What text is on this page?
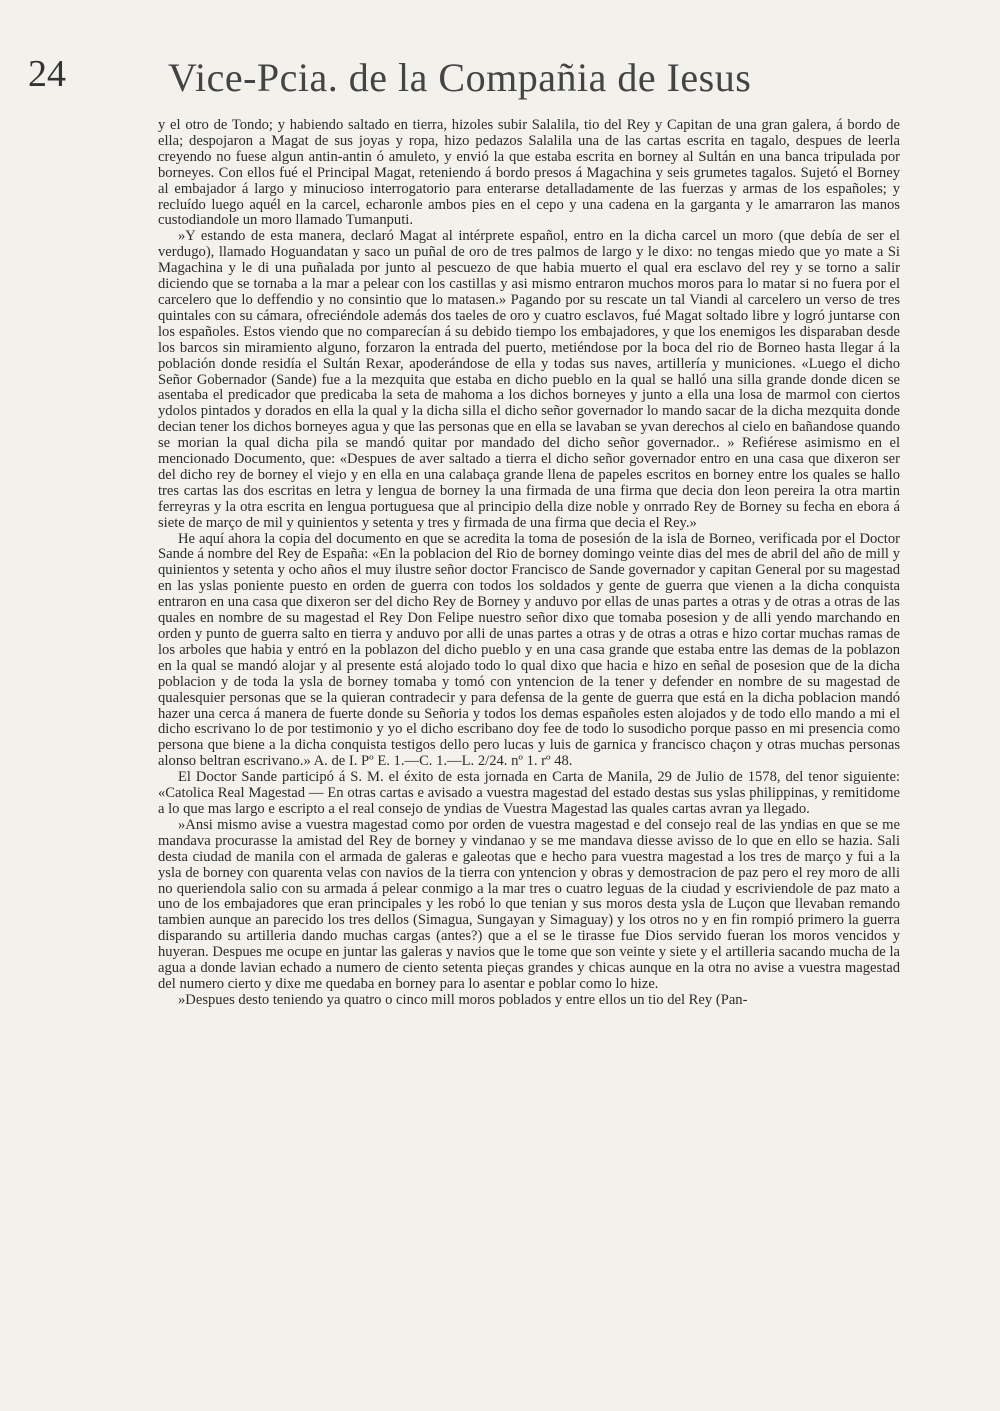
24	Vice-Pcia. de la Compañia de Iesus

y el otro de Tondo; y habiendo saltado en tierra, hizoles subir Salalila, tio del Rey y Capitan de una gran galera, á bordo de ella; despojaron a Magat de sus joyas y ropa, hizo pedazos Salalila una de las cartas escrita en tagalo, despues de leerla creyendo no fuese algun antin-antin ó amuleto, y envió la que estaba escrita en borney al Sultán en una banca tripulada por borneyes. Con ellos fué el Principal Magat, reteniendo á bordo presos á Magachina y seis grumetes tagalos. Sujetó el Borney al embajador á largo y minucioso interrogatorio para enterarse detalladamente de las fuerzas y armas de los españoles; y recluído luego aquél en la carcel, echaronle ambos pies en el cepo y una cadena en la garganta y le amarraron las manos custodiandole un moro llamado Tumanputi.

»Y estando de esta manera, declaró Magat al intérprete español, entro en la dicha carcel un moro (que debía de ser el verdugo), llamado Hoguandatan y saco un puñal de oro de tres palmos de largo y le dixo: no tengas miedo que yo mate a Si Magachina y le di una puñalada por junto al pescuezo de que habia muerto el qual era esclavo del rey y se torno a salir diciendo que se tornaba a la mar a pelear con los castillas y asi mismo entraron muchos moros para lo matar si no fuera por el carcelero que lo deffendio y no consintio que lo matasen.» Pagando por su rescate un tal Viandi al carcelero un verso de tres quintales con su cámara, ofreciéndole además dos taeles de oro y cuatro esclavos, fué Magat soltado libre y logró juntarse con los españoles. Estos viendo que no comparecían á su debido tiempo los embajadores, y que los enemigos les disparaban desde los barcos sin miramiento alguno, forzaron la entrada del puerto, metiéndose por la boca del rio de Borneo hasta llegar á la población donde residía el Sultán Rexar, apoderándose de ella y todas sus naves, artillería y municiones. «Luego el dicho Señor Gobernador (Sande) fue a la mezquita que estaba en dicho pueblo en la qual se halló una silla grande donde dicen se asentaba el predicador que predicaba la seta de mahoma a los dichos borneyes y junto a ella una losa de marmol con ciertos ydolos pintados y dorados en ella la qual y la dicha silla el dicho señor governador lo mando sacar de la dicha mezquita donde decian tener los dichos borneyes agua y que las personas que en ella se lavaban se yvan derechos al cielo en bañandose quando se morian la qual dicha pila se mandó quitar por mandado del dicho señor governador.. » Refiérese asimismo en el mencionado Documento, que: «Despues de aver saltado a tierra el dicho señor governador entro en una casa que dixeron ser del dicho rey de borney el viejo y en ella en una calabaça grande llena de papeles escritos en borney entre los quales se hallo tres cartas las dos escritas en letra y lengua de borney la una firmada de una firma que decia don leon pereira la otra martin ferreyras y la otra escrita en lengua portuguesa que al principio della dize noble y onrrado Rey de Borney su fecha en ebora á siete de março de mil y quinientos y setenta y tres y firmada de una firma que decia el Rey.»

He aquí ahora la copia del documento en que se acredita la toma de posesión de la isla de Borneo, verificada por el Doctor Sande á nombre del Rey de España: «En la poblacion del Rio de borney domingo veinte dias del mes de abril del año de mill y quinientos y setenta y ocho años el muy ilustre señor doctor Francisco de Sande governador y capitan General por su magestad en las yslas poniente puesto en orden de guerra con todos los soldados y gente de guerra que vienen a la dicha conquista entraron en una casa que dixeron ser del dicho Rey de Borney y anduvo por ellas de unas partes a otras y de otras a otras de las quales en nombre de su magestad el Rey Don Felipe nuestro señor dixo que tomaba posesion y de alli yendo marchando en orden y punto de guerra salto en tierra y anduvo por alli de unas partes a otras y de otras a otras e hizo cortar muchas ramas de los arboles que habia y entró en la poblazon del dicho pueblo y en una casa grande que estaba entre las demas de la poblazon en la qual se mandó alojar y al presente está alojado todo lo qual dixo que hacia e hizo en señal de posesion que de la dicha poblacion y de toda la ysla de borney tomaba y tomó con yntencion de la tener y defender en nombre de su magestad de qualesquier personas que se la quieran contradecir y para defensa de la gente de guerra que está en la dicha poblacion mandó hazer una cerca á manera de fuerte donde su Señoria y todos los demas españoles esten alojados y de todo ello mando a mi el dicho escrivano lo de por testimonio y yo el dicho escribano doy fee de todo lo susodicho porque passo en mi presencia como persona que biene a la dicha conquista testigos dello pero lucas y luis de garnica y francisco chaçon y otras muchas personas alonso beltran escrivano.» A. de I. Pº E. 1.—C. 1.—L. 2/24. nº 1. rº 48.

El Doctor Sande participó á S. M. el éxito de esta jornada en Carta de Manila, 29 de Julio de 1578, del tenor siguiente: «Catolica Real Magestad — En otras cartas e avisado a vuestra magestad del estado destas sus yslas philippinas, y remitidome a lo que mas largo e escripto a el real consejo de yndias de Vuestra Magestad las quales cartas avran ya llegado.

»Ansi mismo avise a vuestra magestad como por orden de vuestra magestad e del consejo real de las yndias en que se me mandava procurasse la amistad del Rey de borney y vindanao y se me mandava diesse avisso de lo que en ello se hazia. Sali desta ciudad de manila con el armada de galeras e galeotas que e hecho para vuestra magestad a los tres de março y fui a la ysla de borney con quarenta velas con navios de la tierra con yntencion y obras y demostracion de paz pero el rey moro de alli no queriendola salio con su armada á pelear conmigo a la mar tres o cuatro leguas de la ciudad y escriviendole de paz mato a uno de los embajadores que eran principales y les robó lo que tenian y sus moros desta ysla de Luçon que llevaban remando tambien aunque an parecido los tres dellos (Simagua, Sungayan y Simaguay) y los otros no y en fin rompió primero la guerra disparando su artilleria dando muchas cargas (antes?) que a el se le tirasse fue Dios servido fueran los moros vencidos y huyeran. Despues me ocupe en juntar las galeras y navios que le tome que son veinte y siete y el artilleria sacando mucha de la agua a donde lavian echado a numero de ciento setenta pieças grandes y chicas aunque en la otra no avise a vuestra magestad del numero cierto y dixe me quedaba en borney para lo asentar e poblar como lo hize.

»Despues desto teniendo ya quatro o cinco mill moros poblados y entre ellos un tio del Rey (Pan-
